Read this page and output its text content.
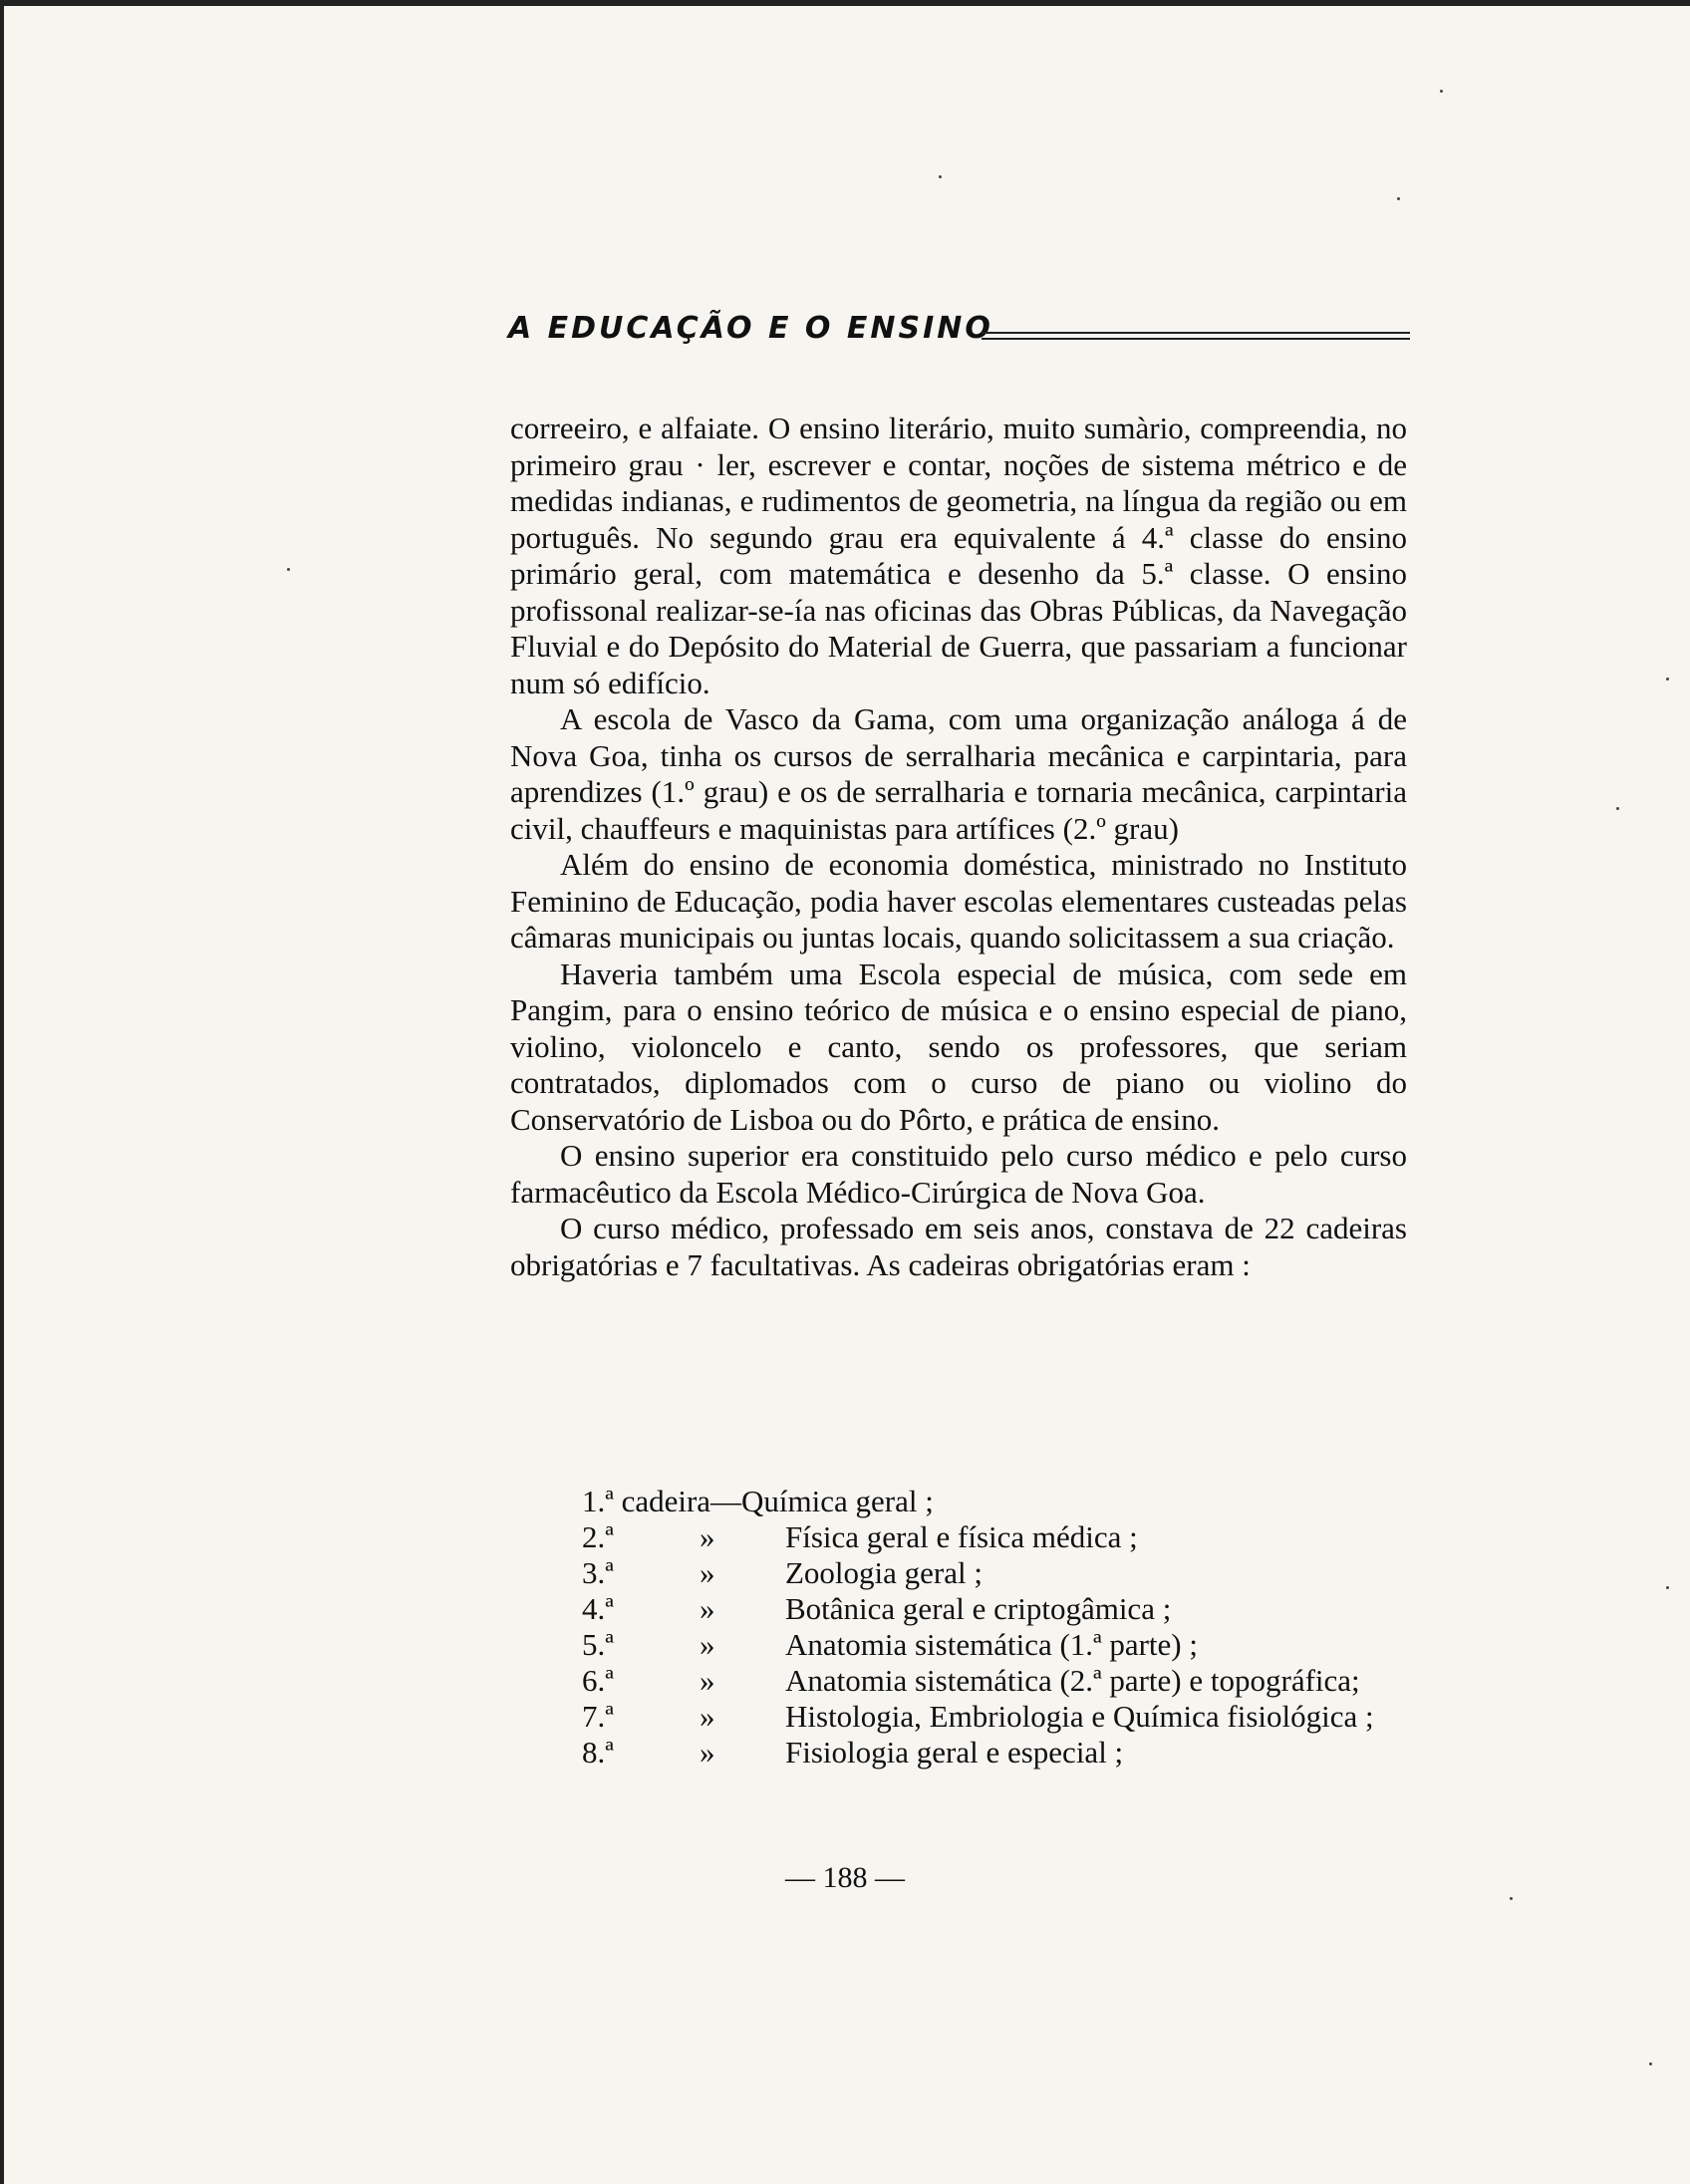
A EDUCAÇÃO E O ENSINO

correeiro, e alfaiate. O ensino literário, muito sumàrio, compreendia, no primeiro grau · ler, escrever e contar, noções de sistema métrico e de medidas indianas, e rudimentos de geometria, na língua da região ou em português. No segundo grau era equivalente á 4.ª classe do ensino primário geral, com matemática e desenho da 5.ª classe. O ensino profissonal realizar-se-ía nas oficinas das Obras Públicas, da Navegação Fluvial e do Depósito do Material de Guerra, que passariam a funcionar num só edifício.

A escola de Vasco da Gama, com uma organização análoga á de Nova Goa, tinha os cursos de serralharia mecânica e carpintaria, para aprendizes (1.º grau) e os de serralharia e tornaria mecânica, carpintaria civil, chauffeurs e maquinistas para artífices (2.º grau)

Além do ensino de economia doméstica, ministrado no Instituto Feminino de Educação, podia haver escolas elementares custeadas pelas câmaras municipais ou juntas locais, quando solicitassem a sua criação.

Haveria também uma Escola especial de música, com sede em Pangim, para o ensino teórico de música e o ensino especial de piano, violino, violoncelo e canto, sendo os professores, que seriam contratados, diplomados com o curso de piano ou violino do Conservatório de Lisboa ou do Pôrto, e prática de ensino.

O ensino superior era constituido pelo curso médico e pelo curso farmacêutico da Escola Médico-Cirúrgica de Nova Goa.

O curso médico, professado em seis anos, constava de 22 cadeiras obrigatórias e 7 facultativas. As cadeiras obrigatórias eram :

1.ª cadeira—Química geral ;
2.ª	» Física geral e física médica ;
3.ª	» Zoologia geral ;
4.ª	» Botânica geral e criptogâmica ;
5.ª	» Anatomia sistemática (1.ª parte) ;
6.ª	» Anatomia sistemática (2.ª parte) e topográfica;
7.ª	» Histologia, Embriologia e Química fisiológica ;
8.ª	» Fisiologia geral e especial ;
— 188 —
